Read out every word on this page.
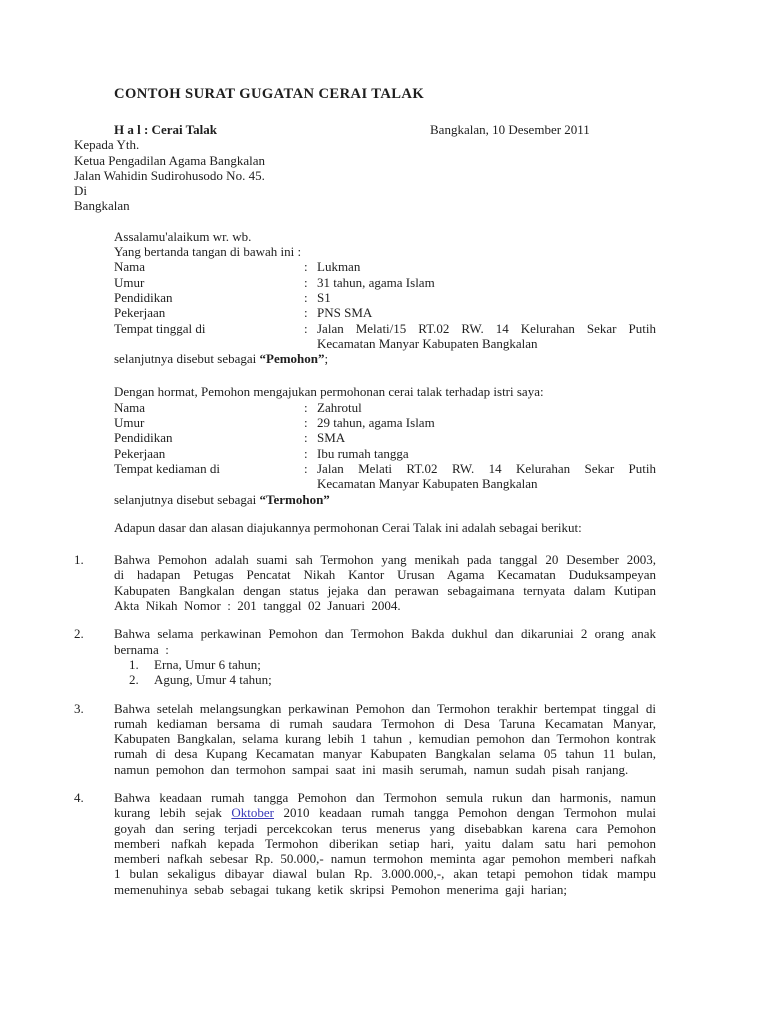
CONTOH SURAT GUGATAN CERAI TALAK
H a l : Cerai Talak	Bangkalan, 10 Desember 2011
Kepada Yth.
Ketua Pengadilan Agama Bangkalan
Jalan Wahidin Sudirohusodo No. 45.
Di
Bangkalan
Assalamu'alaikum wr. wb.
Yang bertanda tangan di bawah ini :
Nama	: Lukman
Umur	: 31 tahun, agama Islam
Pendidikan	: S1
Pekerjaan	: PNS SMA
Tempat tinggal di	: Jalan Melati/15 RT.02 RW. 14 Kelurahan Sekar Putih
Kecamatan Manyar Kabupaten Bangkalan
selanjutnya disebut sebagai “Pemohon”;
Dengan hormat, Pemohon mengajukan permohonan cerai talak terhadap istri saya:
Nama	: Zahrotul
Umur	: 29 tahun, agama Islam
Pendidikan	: SMA
Pekerjaan	: Ibu rumah tangga
Tempat kediaman di	: Jalan Melati RT.02 RW. 14 Kelurahan Sekar Putih
Kecamatan Manyar Kabupaten Bangkalan
selanjutnya disebut sebagai “Termohon”
Adapun dasar dan alasan diajukannya permohonan Cerai Talak ini adalah sebagai berikut:
1.	Bahwa Pemohon adalah suami sah Termohon yang menikah pada tanggal 20 Desember 2003, di hadapan Petugas Pencatat Nikah Kantor Urusan Agama Kecamatan Duduksampeyan Kabupaten Bangkalan dengan status jejaka dan perawan sebagaimana ternyata dalam Kutipan Akta Nikah Nomor : 201 tanggal 02 Januari 2004.
2.	Bahwa selama perkawinan Pemohon dan Termohon Bakda dukhul dan dikaruniai 2 orang anak bernama :
1.	Erna, Umur 6 tahun;
2.	Agung, Umur 4 tahun;
3.	Bahwa setelah melangsungkan perkawinan Pemohon dan Termohon terakhir bertempat tinggal di rumah kediaman bersama di rumah saudara Termohon di Desa Taruna Kecamatan Manyar, Kabupaten Bangkalan, selama kurang lebih 1 tahun , kemudian pemohon dan Termohon kontrak rumah di desa Kupang Kecamatan manyar Kabupaten Bangkalan selama 05 tahun 11 bulan, namun pemohon dan termohon sampai saat ini masih serumah, namun sudah pisah ranjang.
4.	Bahwa keadaan rumah tangga Pemohon dan Termohon semula rukun dan harmonis, namun kurang lebih sejak Oktober 2010 keadaan rumah tangga Pemohon dengan Termohon mulai goyah dan sering terjadi percekcokan terus menerus yang disebabkan karena cara Pemohon memberi nafkah kepada Termohon diberikan setiap hari, yaitu dalam satu hari pemohon memberi nafkah sebesar Rp. 50.000,- namun termohon meminta agar pemohon memberi nafkah 1 bulan sekaligus dibayar diawal bulan Rp. 3.000.000,-, akan tetapi pemohon tidak mampu memenuhinya sebab sebagai tukang ketik skripsi Pemohon menerima gaji harian;
